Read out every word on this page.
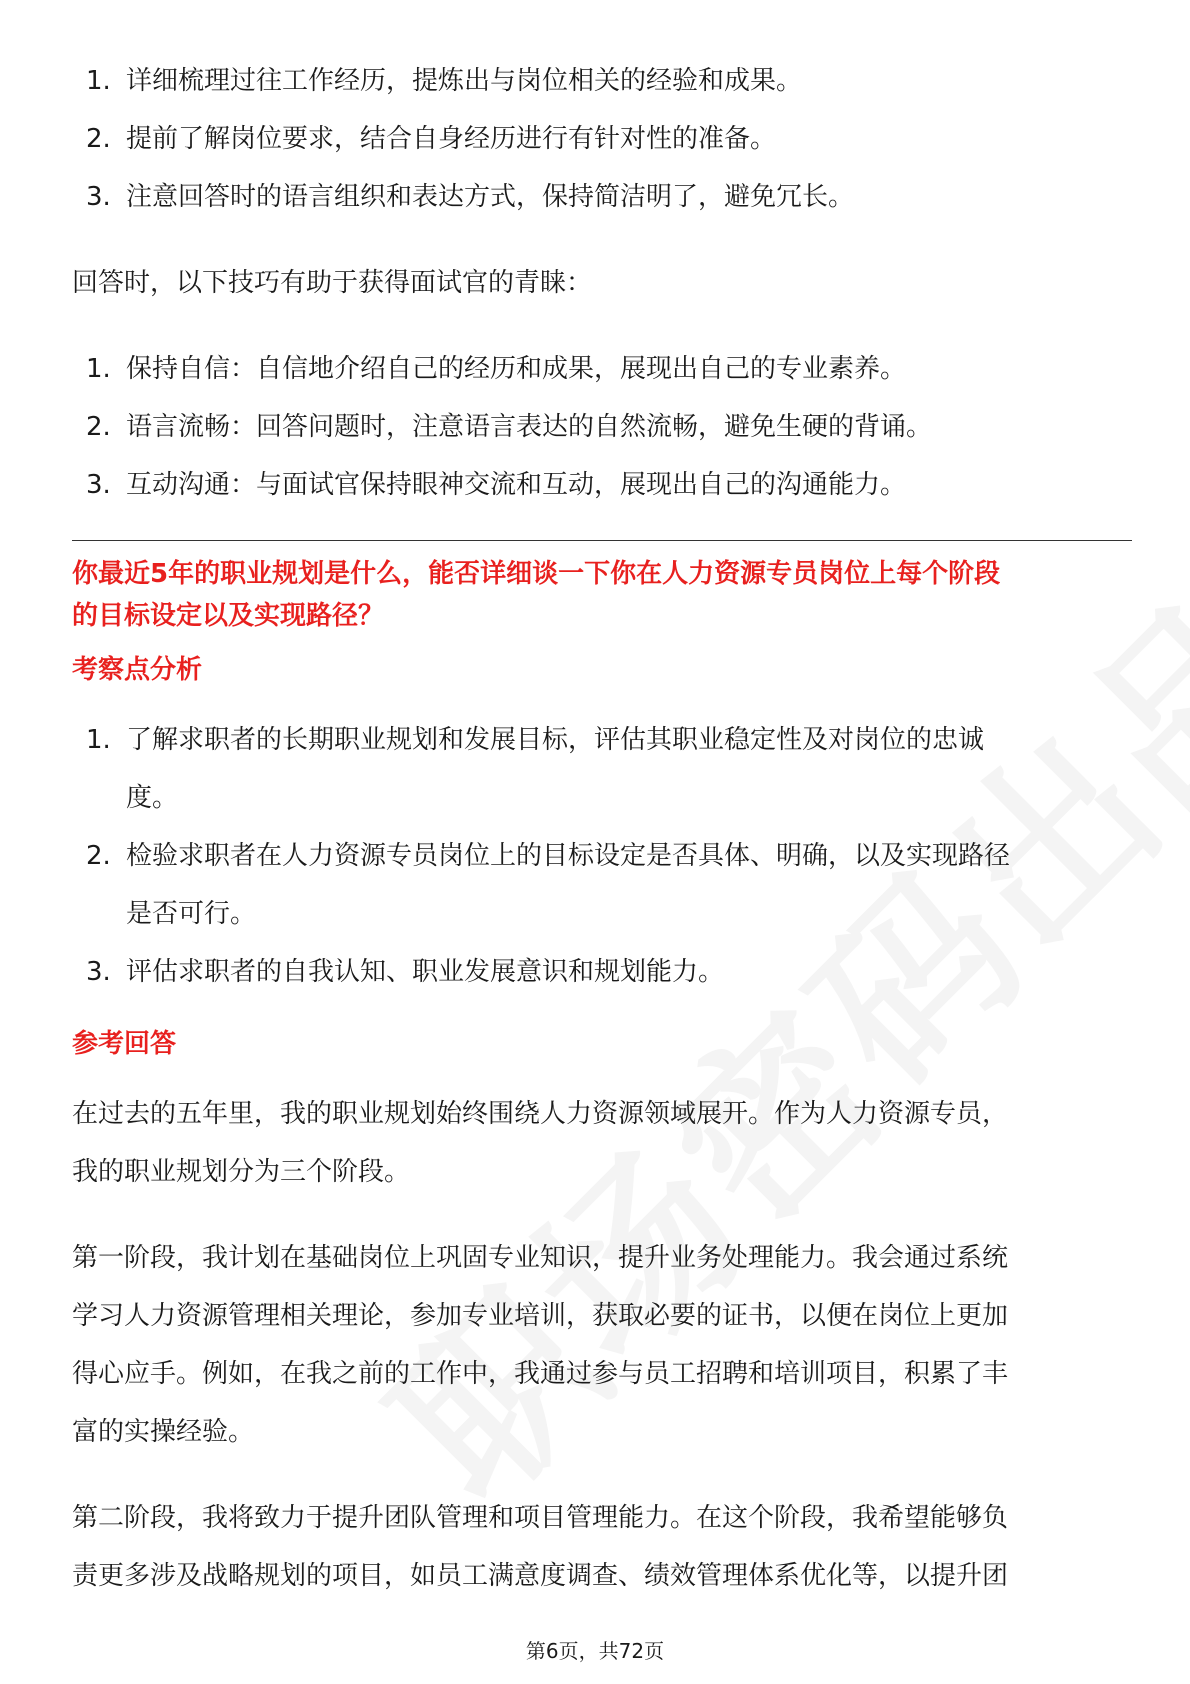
1. 详细梳理过往工作经历，提炼出与岗位相关的经验和成果。
2. 提前了解岗位要求，结合自身经历进行有针对性的准备。
3. 注意回答时的语言组织和表达方式，保持简洁明了，避免冗长。

回答时，以下技巧有助于获得面试官的青睐：

1. 保持自信：自信地介绍自己的经历和成果，展现出自己的专业素养。
2. 语言流畅：回答问题时，注意语言表达的自然流畅，避免生硬的背诵。
3. 互动沟通：与面试官保持眼神交流和互动，展现出自己的沟通能力。

你最近5年的职业规划是什么，能否详细谈一下你在人力资源专员岗位上每个阶段
的目标设定以及实现路径？

考察点分析

1. 了解求职者的长期职业规划和发展目标，评估其职业稳定性及对岗位的忠诚
度。
2. 检验求职者在人力资源专员岗位上的目标设定是否具体、明确，以及实现路径
是否可行。
3. 评估求职者的自我认知、职业发展意识和规划能力。

参考回答

在过去的五年里，我的职业规划始终围绕人力资源领域展开。作为人力资源专员，
我的职业规划分为三个阶段。

第一阶段，我计划在基础岗位上巩固专业知识，提升业务处理能力。我会通过系统
学习人力资源管理相关理论，参加专业培训，获取必要的证书，以便在岗位上更加
得心应手。例如，在我之前的工作中，我通过参与员工招聘和培训项目，积累了丰
富的实操经验。

第二阶段，我将致力于提升团队管理和项目管理能力。在这个阶段，我希望能够负
责更多涉及战略规划的项目，如员工满意度调查、绩效管理体系优化等，以提升团

第6页，共72页
